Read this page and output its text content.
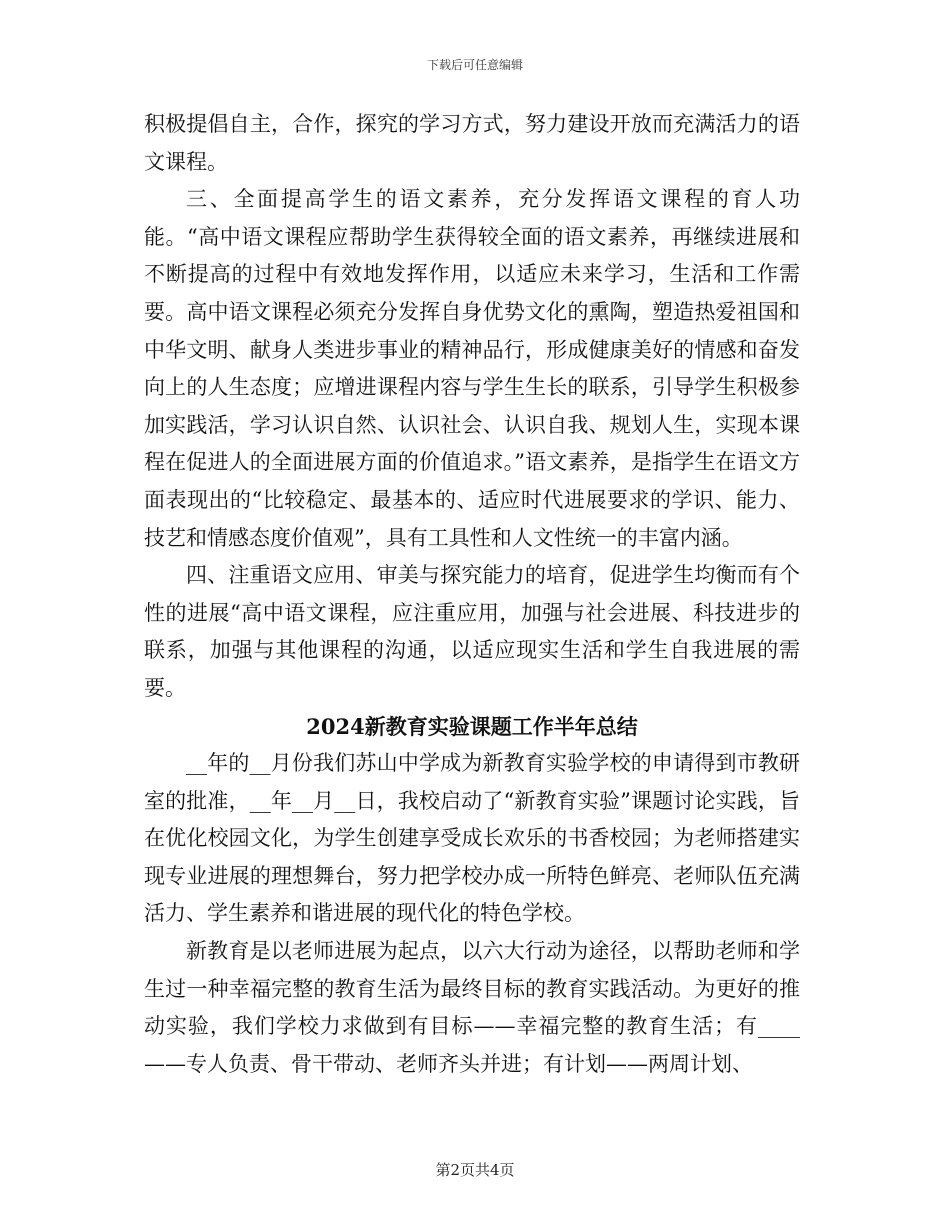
下载后可任意编辑

积极提倡自主，合作，探究的学习方式，努力建设开放而充满活力的语文课程。

三、全面提高学生的语文素养，充分发挥语文课程的育人功能。“高中语文课程应帮助学生获得较全面的语文素养，再继续进展和不断提高的过程中有效地发挥作用，以适应未来学习，生活和工作需要。高中语文课程必须充分发挥自身优势文化的熏陶，塑造热爱祖国和中华文明、献身人类进步事业的精神品行，形成健康美好的情感和奋发向上的人生态度；应增进课程内容与学生生长的联系，引导学生积极参加实践活，学习认识自然、认识社会、认识自我、规划人生，实现本课程在促进人的全面进展方面的价值追求。”语文素养，是指学生在语文方面表现出的“比较稳定、最基本的、适应时代进展要求的学识、能力、技艺和情感态度价值观”，具有工具性和人文性统一的丰富内涵。

四、注重语文应用、审美与探究能力的培育，促进学生均衡而有个性的进展“高中语文课程，应注重应用，加强与社会进展、科技进步的联系，加强与其他课程的沟通，以适应现实生活和学生自我进展的需要。

2024新教育实验课题工作半年总结

__年的__月份我们苏山中学成为新教育实验学校的申请得到市教研室的批准，__年__月__日，我校启动了“新教育实验”课题讨论实践，旨在优化校园文化，为学生创建享受成长欢乐的书香校园；为老师搭建实现专业进展的理想舞台，努力把学校办成一所特色鲜亮、老师队伍充满活力、学生素养和谐进展的现代化的特色学校。

新教育是以老师进展为起点，以六大行动为途径，以帮助老师和学生过一种幸福完整的教育生活为最终目标的教育实践活动。为更好的推动实验，我们学校力求做到有目标——幸福完整的教育生活；有____——专人负责、骨干带动、老师齐头并进；有计划——两周计划、

第2页共4页
